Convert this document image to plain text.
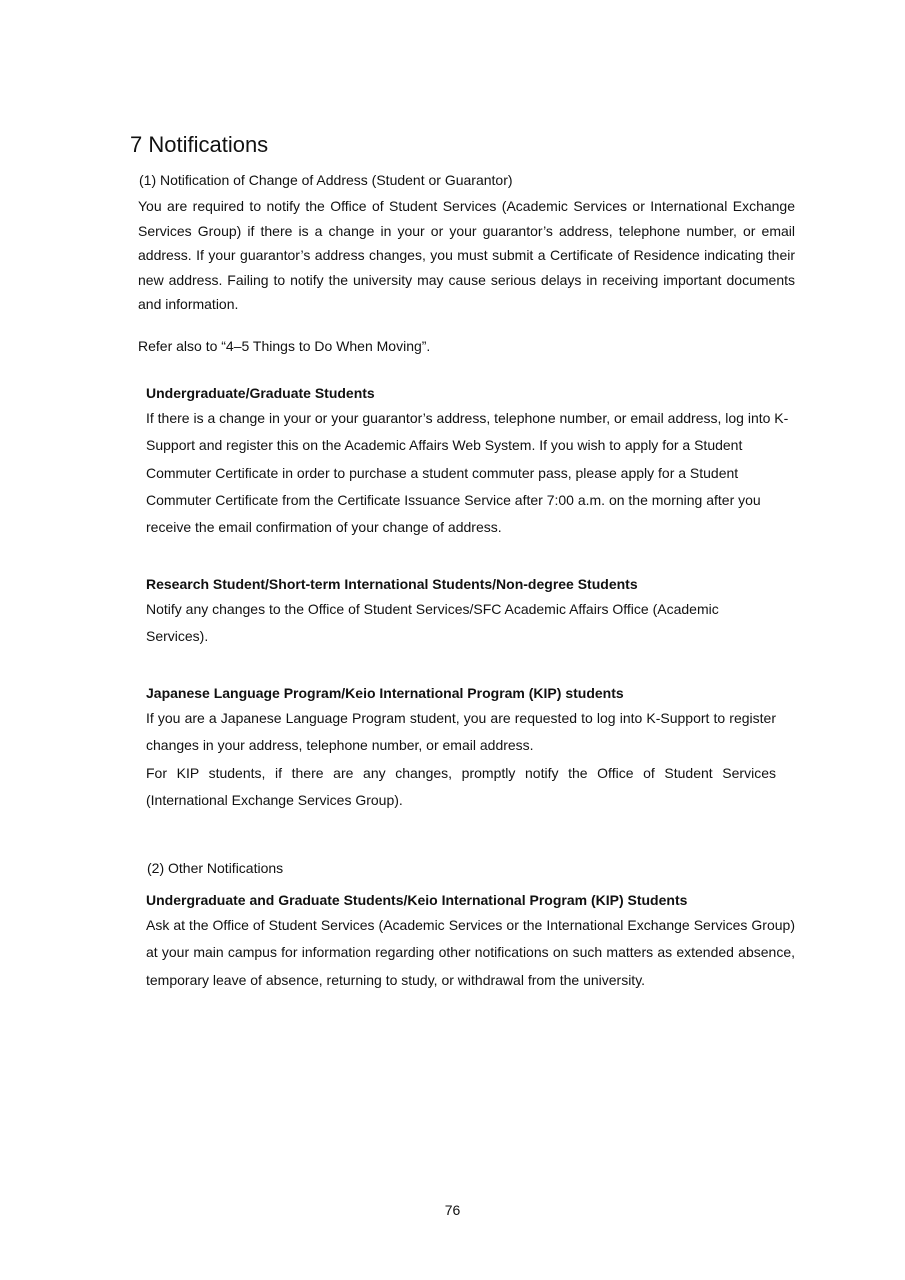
7 Notifications

(1) Notification of Change of Address (Student or Guarantor)

You are required to notify the Office of Student Services (Academic Services or International Exchange Services Group) if there is a change in your or your guarantor’s address, telephone number, or email address. If your guarantor’s address changes, you must submit a Certificate of Residence indicating their new address. Failing to notify the university may cause serious delays in receiving important documents and information.

Refer also to “4–5 Things to Do When Moving”.

Undergraduate/Graduate Students

If there is a change in your or your guarantor’s address, telephone number, or email address, log into K-Support and register this on the Academic Affairs Web System. If you wish to apply for a Student Commuter Certificate in order to purchase a student commuter pass, please apply for a Student Commuter Certificate from the Certificate Issuance Service after 7:00 a.m. on the morning after you receive the email confirmation of your change of address.

Research Student/Short-term International Students/Non-degree Students

Notify any changes to the Office of Student Services/SFC Academic Affairs Office (Academic Services).

Japanese Language Program/Keio International Program (KIP) students

If you are a Japanese Language Program student, you are requested to log into K-Support to register changes in your address, telephone number, or email address.

For KIP students, if there are any changes, promptly notify the Office of Student Services (International Exchange Services Group).

(2) Other Notifications

Undergraduate and Graduate Students/Keio International Program (KIP) Students

Ask at the Office of Student Services (Academic Services or the International Exchange Services Group) at your main campus for information regarding other notifications on such matters as extended absence, temporary leave of absence, returning to study, or withdrawal from the university.

76
